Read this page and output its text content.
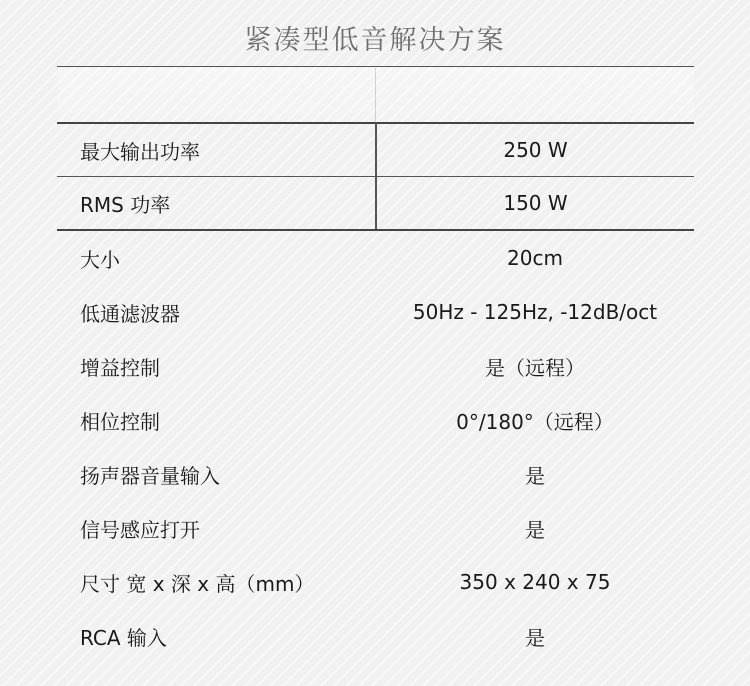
紧凑型低音解决方案
最大输出功率	250 W
RMS 功率	150 W
大小	20cm
低通滤波器	50Hz - 125Hz, -12dB/oct
增益控制	是（远程）
相位控制	0°/180°（远程）
扬声器音量输入	是
信号感应打开	是
尺寸 宽 x 深 x 高（mm）	350 x 240 x 75
RCA 输入	是
